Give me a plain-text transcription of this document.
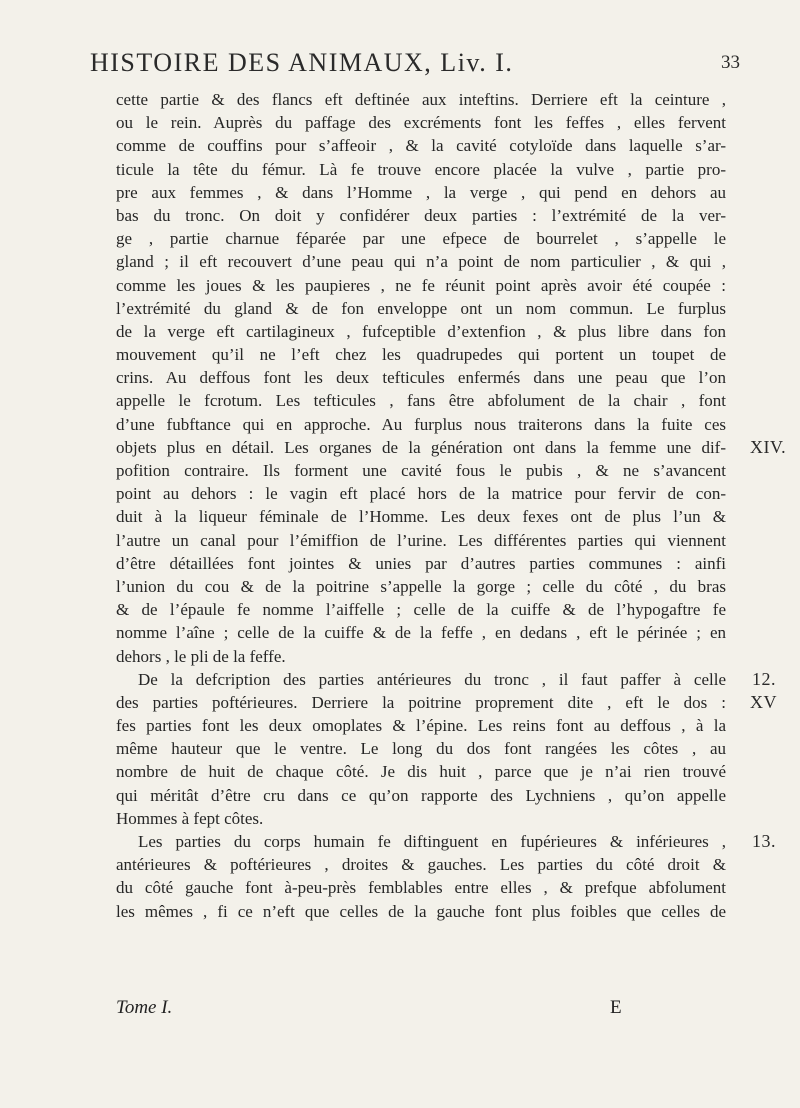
HISTOIRE DES ANIMAUX, Liv. I.	33
cette partie & des flancs eft deftinée aux inteftins. Derriere eft la ceinture ,
ou le rein. Auprès du paffage des excréments font les feffes , elles fervent
comme de couffins pour s’affeoir , & la cavité cotyloïde dans laquelle s’ar-
ticule la tête du fémur. Là fe trouve encore placée la vulve , partie pro-
pre aux femmes , & dans l’Homme , la verge , qui pend en dehors au
bas du tronc. On doit y confidérer deux parties : l’extrémité de la ver-
ge , partie charnue féparée par une efpece de bourrelet , s’appelle le
gland ; il eft recouvert d’une peau qui n’a point de nom particulier , & qui ,
comme les joues & les paupieres , ne fe réunit point après avoir été coupée :
l’extrémité du gland & de fon enveloppe ont un nom commun. Le furplus
de la verge eft cartilagineux , fufceptible d’extenfion , & plus libre dans fon
mouvement qu’il ne l’eft chez les quadrupedes qui portent un toupet de
crins. Au deffous font les deux tefticules enfermés dans une peau que l’on
appelle le fcrotum. Les tefticules , fans être abfolument de la chair , font
d’une fubftance qui en approche. Au furplus nous traiterons dans la fuite ces
objets plus en détail. Les organes de la génération ont dans la femme une dif-
pofition contraire. Ils forment une cavité fous le pubis , & ne s’avancent
point au dehors : le vagin eft placé hors de la matrice pour fervir de con-
duit à la liqueur féminale de l’Homme. Les deux fexes ont de plus l’un &
l’autre un canal pour l’émiffion de l’urine. Les différentes parties qui viennent
d’être détaillées font jointes & unies par d’autres parties communes : ainfi
l’union du cou & de la poitrine s’appelle la gorge ; celle du côté , du bras
& de l’épaule fe nomme l’aiffelle ; celle de la cuiffe & de l’hypogaftre fe
nomme l’aîne ; celle de la cuiffe & de la feffe , en dedans , eft le périnée ; en
dehors , le pli de la feffe.
De la defcription des parties antérieures du tronc , il faut paffer à celle
des parties poftérieures. Derriere la poitrine proprement dite , eft le dos :
fes parties font les deux omoplates & l’épine. Les reins font au deffous , à la
même hauteur que le ventre. Le long du dos font rangées les côtes , au
nombre de huit de chaque côté. Je dis huit , parce que je n’ai rien trouvé
qui méritât d’être cru dans ce qu’on rapporte des Lychniens , qu’on appelle
Hommes à fept côtes.
Les parties du corps humain fe diftinguent en fupérieures & inférieures ,
antérieures & poftérieures , droites & gauches. Les parties du côté droit &
du côté gauche font à-peu-près femblables entre elles , & prefque abfolument
les mêmes , fi ce n’eft que celles de la gauche font plus foibles que celles de
XIV.
12.
XV
13.
Tome I.	E
